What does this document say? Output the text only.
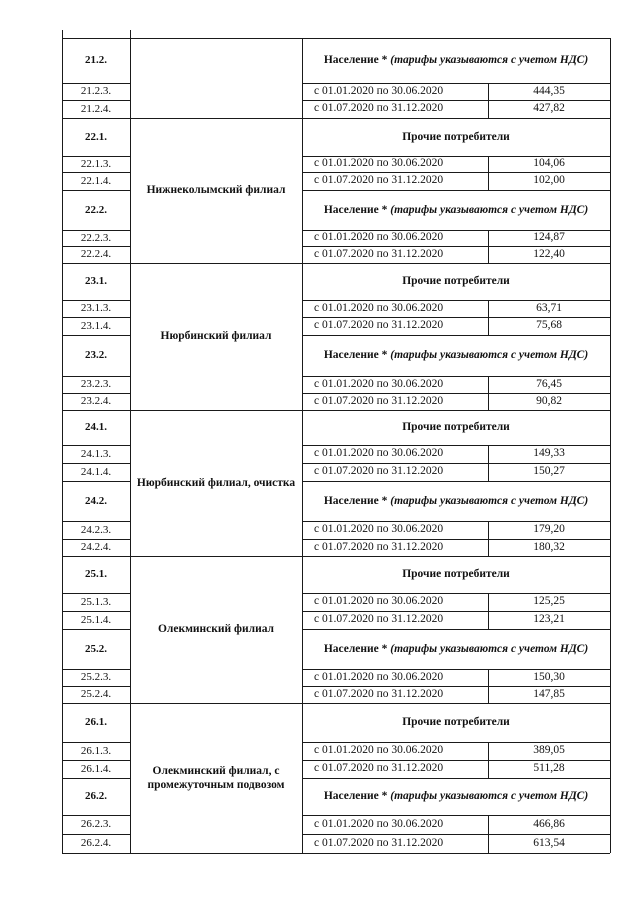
21.2.
21.2.3.
21.2.4.
Население * (тарифы указываются с учетом НДС)
с 01.01.2020 по 30.06.2020
с 01.07.2020 по 31.12.2020
444,35
427,82
Нижнеколымский филиал
22.1.
22.1.3.
22.1.4.
Прочие потребители
с 01.01.2020 по 30.06.2020
с 01.07.2020 по 31.12.2020
104,06
102,00
22.2.
22.2.3.
22.2.4.
Население * (тарифы указываются с учетом НДС)
с 01.01.2020 по 30.06.2020
с 01.07.2020 по 31.12.2020
124,87
122,40
Нюрбинский филиал
23.1.
23.1.3.
23.1.4.
Прочие потребители
с 01.01.2020 по 30.06.2020
с 01.07.2020 по 31.12.2020
63,71
75,68
23.2.
23.2.3.
23.2.4.
Население * (тарифы указываются с учетом НДС)
с 01.01.2020 по 30.06.2020
с 01.07.2020 по 31.12.2020
76,45
90,82
Нюрбинский филиал, очистка
24.1.
24.1.3.
24.1.4.
Прочие потребители
с 01.01.2020 по 30.06.2020
с 01.07.2020 по 31.12.2020
149,33
150,27
24.2.
24.2.3.
24.2.4.
Население * (тарифы указываются с учетом НДС)
с 01.01.2020 по 30.06.2020
с 01.07.2020 по 31.12.2020
179,20
180,32
Олекминский филиал
25.1.
25.1.3.
25.1.4.
Прочие потребители
с 01.01.2020 по 30.06.2020
с 01.07.2020 по 31.12.2020
125,25
123,21
25.2.
25.2.3.
25.2.4.
Население * (тарифы указываются с учетом НДС)
с 01.01.2020 по 30.06.2020
с 01.07.2020 по 31.12.2020
150,30
147,85
Олекминский филиал, с промежуточным подвозом
26.1.
26.1.3.
26.1.4.
Прочие потребители
с 01.01.2020 по 30.06.2020
с 01.07.2020 по 31.12.2020
389,05
511,28
26.2.
26.2.3.
26.2.4.
Население * (тарифы указываются с учетом НДС)
с 01.01.2020 по 30.06.2020
с 01.07.2020 по 31.12.2020
466,86
613,54
